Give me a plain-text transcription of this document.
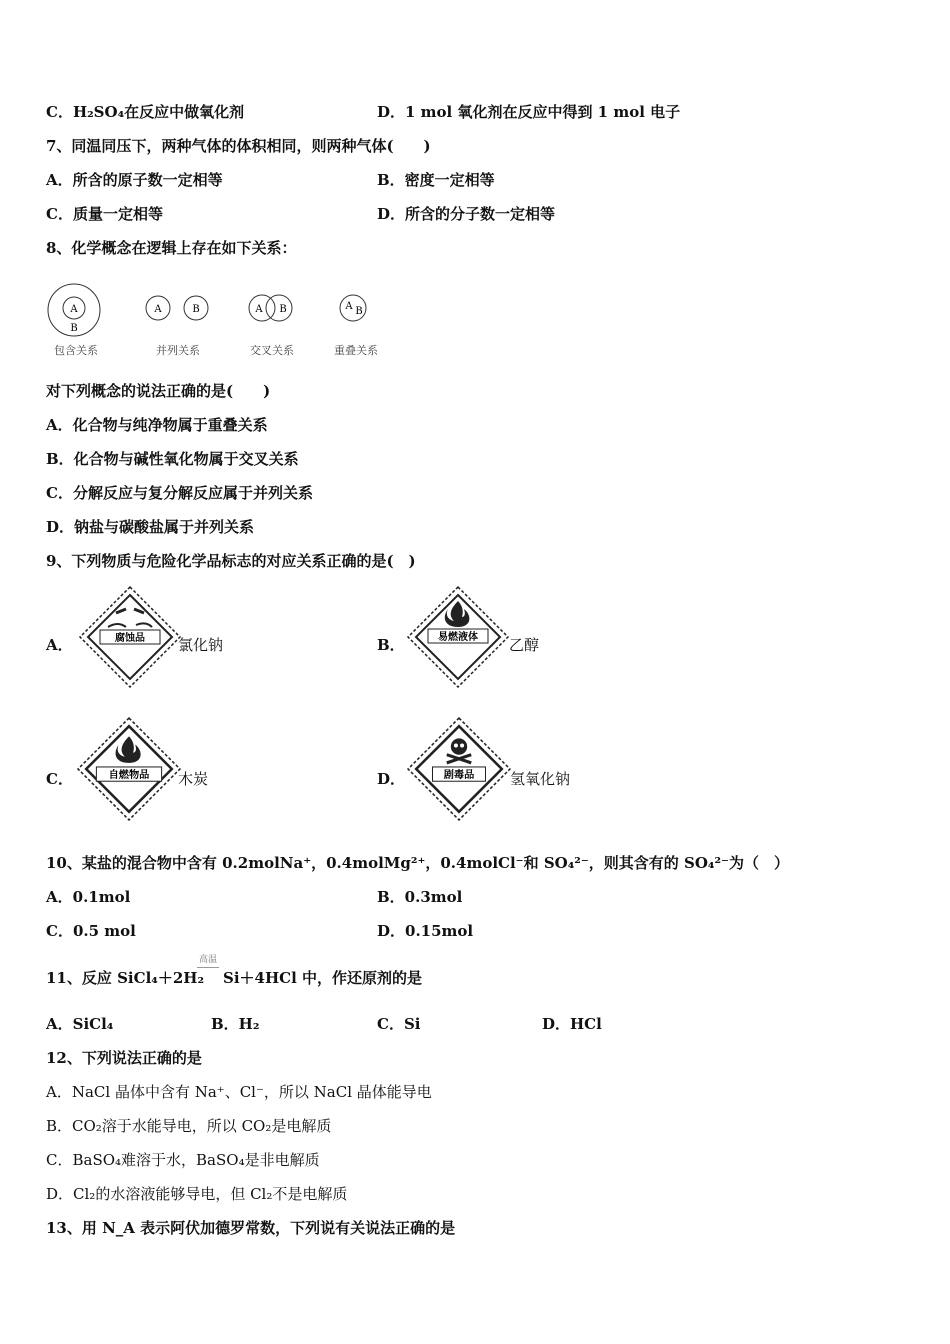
C．H₂SO₄在反应中做氧化剂	D．1 mol 氧化剂在反应中得到 1 mol 电子
7、同温同压下，两种气体的体积相同，则两种气体(　　)
A．所含的原子数一定相等	B．密度一定相等
C．质量一定相等	D．所含的分子数一定相等
8、化学概念在逻辑上存在如下关系：
A
B
包含关系
A	B
并列关系
A B
交叉关系
A B
重叠关系
对下列概念的说法正确的是(　　)
A．化合物与纯净物属于重叠关系
B．化合物与碱性氧化物属于交叉关系
C．分解反应与复分解反应属于并列关系
D．钠盐与碳酸盐属于并列关系
9、下列物质与危险化学品标志的对应关系正确的是(　)
A．	腐蚀品 氯化钠	B．	易燃液体 乙醇
C．	自燃物品 木炭	D．	剧毒品 氢氧化钠
10、某盐的混合物中含有 0.2molNa⁺，0.4molMg²⁺，0.4molCl⁻和 SO₄²⁻，则其含有的 SO₄²⁻为（　）
A．0.1mol	B．0.3mol
C．0.5 mol	D．0.15mol
11、反应 SiCl₄＋2H₂
高温
Si＋4HCl 中，作还原剂的是
A．SiCl₄	B．H₂	C．Si	D．HCl
12、下列说法正确的是
A．NaCl 晶体中含有 Na⁺、Cl⁻，所以 NaCl 晶体能导电
B．CO₂溶于水能导电，所以 CO₂是电解质
C．BaSO₄难溶于水，BaSO₄是非电解质
D．Cl₂的水溶液能够导电，但 Cl₂不是电解质
13、用 N_A 表示阿伏加德罗常数，下列说有关说法正确的是
